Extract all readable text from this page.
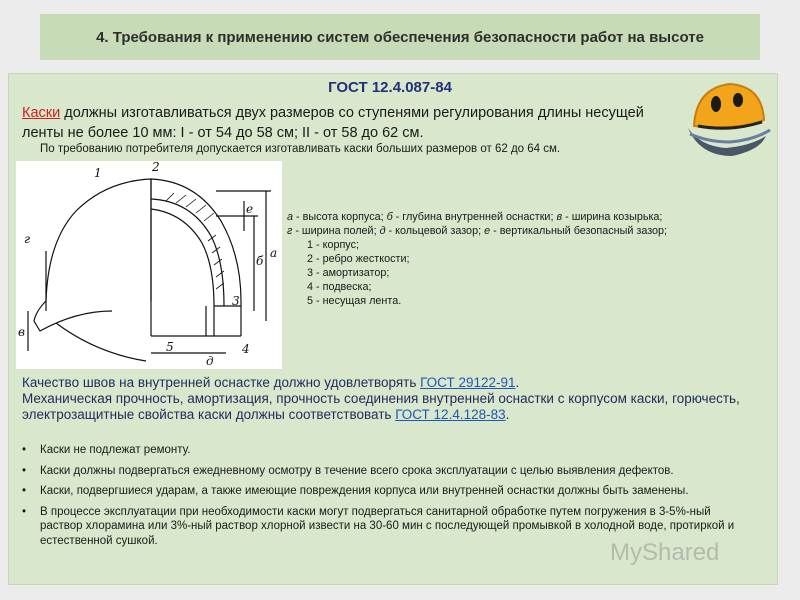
4. Требования к применению систем обеспечения безопасности работ на высоте
ГОСТ 12.4.087-84
Каски должны изготавливаться двух размеров со ступенями регулирования длины несущей ленты не более 10 мм: I - от 54 до 58 см; II - от 58 до 62 см.
По требованию потребителя допускается изготавливать каски больших размеров от 62 до 64 см.
1	2
3
4
5
a
б
в
г
д
е
а - высота корпуса; б - глубина внутренней оснастки; в - ширина козырька;
г - ширина полей; д - кольцевой зазор; е - вертикальный безопасный зазор;
1 - корпус;
2 - ребро жесткости;
3 - амортизатор;
4 - подвеска;
5 - несущая лента.
Качество швов на внутренней оснастке должно удовлетворять ГОСТ 29122-91.
Механическая прочность, амортизация, прочность соединения внутренней оснастки с корпусом каски, горючесть, электрозащитные свойства каски должны соответствовать ГОСТ 12.4.128-83.
• Каски не подлежат ремонту.
• Каски должны подвергаться ежедневному осмотру в течение всего срока эксплуатации с целью выявления дефектов.
• Каски, подвергшиеся ударам, а также имеющие повреждения корпуса или внутренней оснастки должны быть заменены.
• В процессе эксплуатации при необходимости каски могут подвергаться санитарной обработке путем погружения в 3-5%-ный раствор хлорамина или 3%-ный раствор хлорной извести на 30-60 мин с последующей промывкой в холодной воде, протиркой и естественной сушкой.	MyShared
